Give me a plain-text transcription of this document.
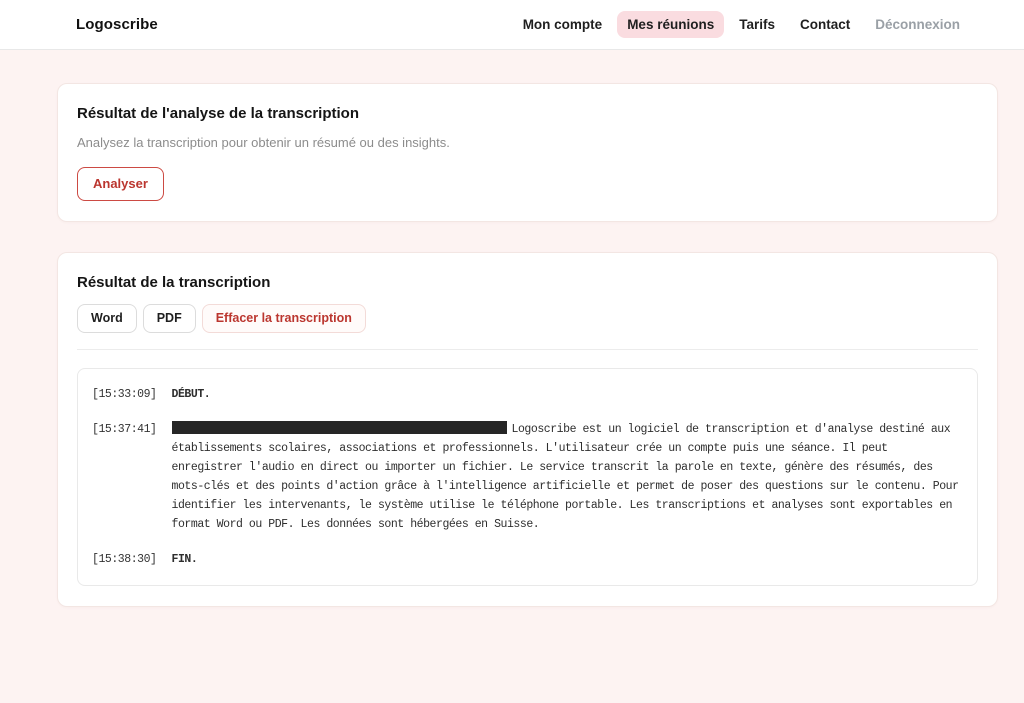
Logoscribe	Mon compte	Mes réunions	Tarifs	Contact	Déconnexion
Résultat de l'analyse de la transcription

Analysez la transcription pour obtenir un résumé ou des insights.

Analyser
Résultat de la transcription
Word	PDF	Effacer la transcription
[15:33:09] DÉBUT.
[15:37:41]	Logoscribe est un logiciel de transcription et d'analyse destiné aux établissements scolaires, associations et professionnels. L'utilisateur crée un compte puis une séance. Il peut enregistrer l'audio en direct ou importer un fichier. Le service transcrit la parole en texte, génère des résumés, des mots-clés et des points d'action grâce à l'intelligence artificielle et permet de poser des questions sur le contenu. Pour identifier les intervenants, le système utilise le téléphone portable. Les transcriptions et analyses sont exportables en format Word ou PDF. Les données sont hébergées en Suisse.
[15:38:30] FIN.
